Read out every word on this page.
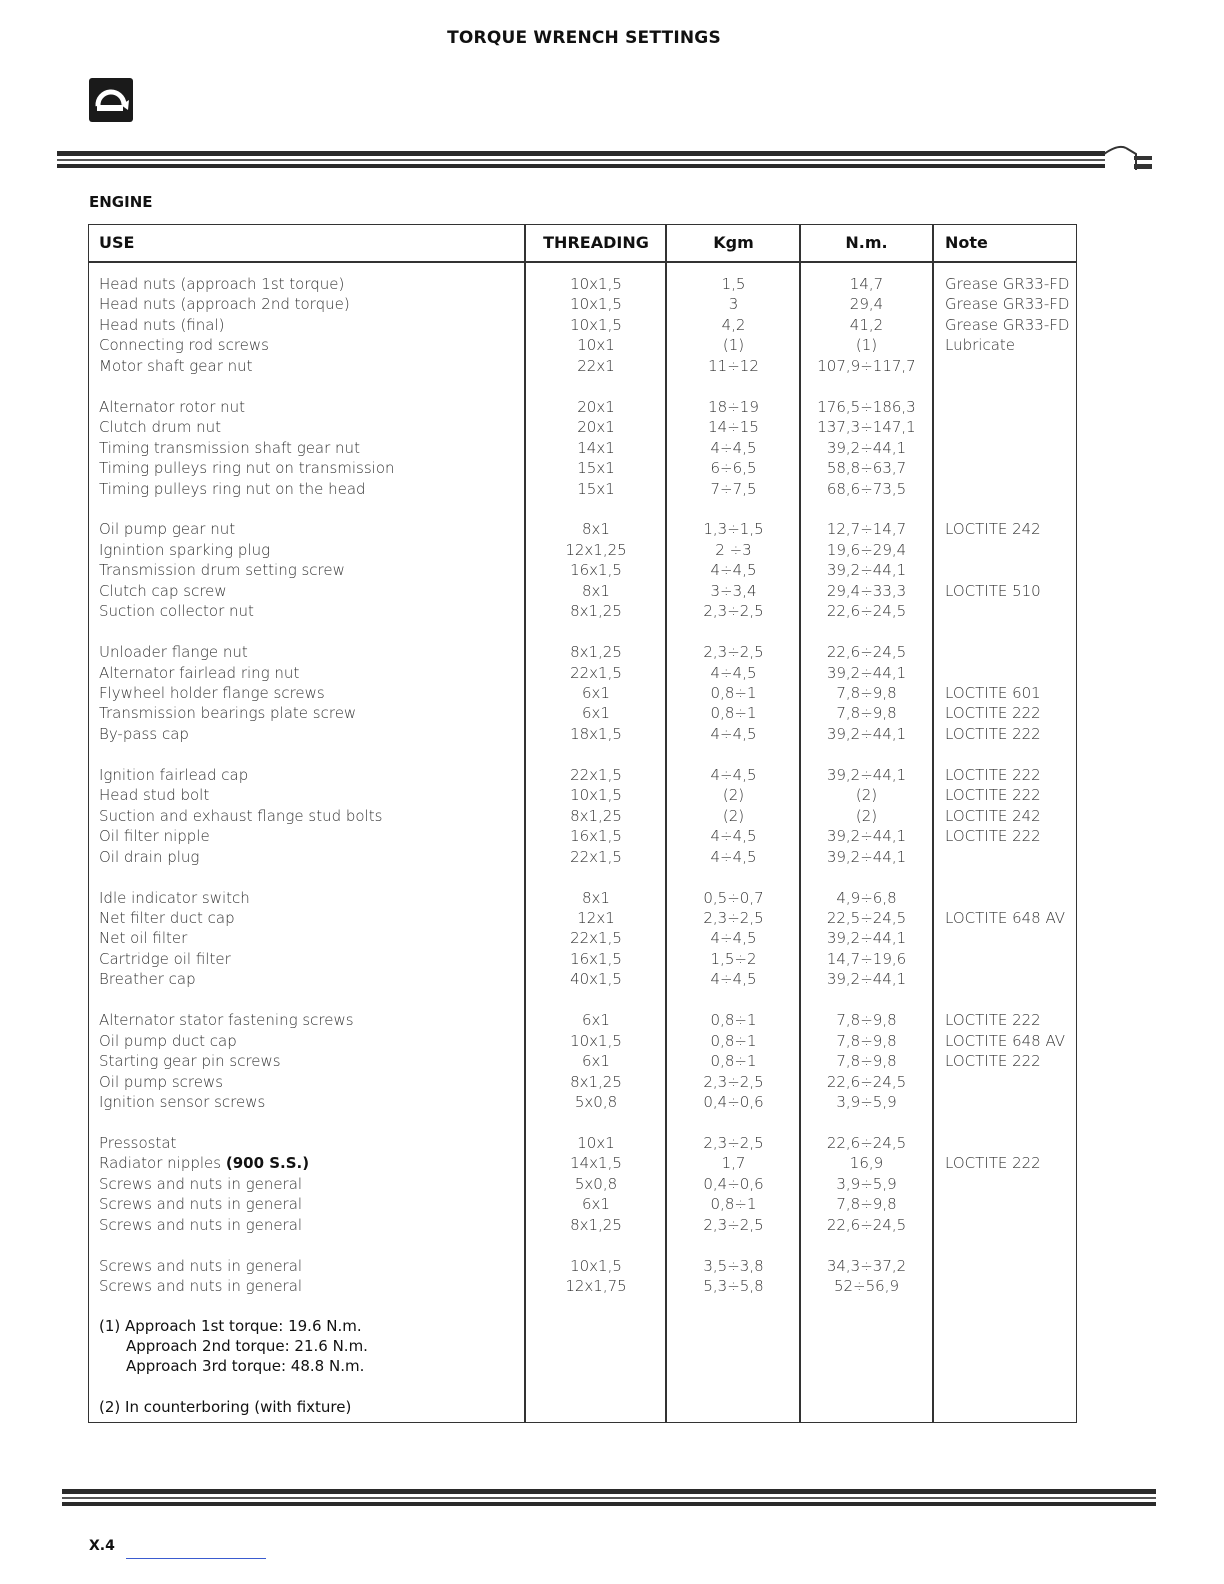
TORQUE WRENCH SETTINGS
ENGINE
USE	THREADING	Kgm	N.m.	Note
Head nuts (approach 1st torque)	10x1,5	1,5	14,7	Grease GR33-FD
Head nuts (approach 2nd torque)	10x1,5	3	29,4	Grease GR33-FD
Head nuts (final)	10x1,5	4,2	41,2	Grease GR33-FD
Connecting rod screws	10x1	(1)	(1)	Lubricate
Motor shaft gear nut	22x1	11÷12	107,9÷117,7
Alternator rotor nut	20x1	18÷19	176,5÷186,3
Clutch drum nut	20x1	14÷15	137,3÷147,1
Timing transmission shaft gear nut	14x1	4÷4,5	39,2÷44,1
Timing pulleys ring nut on transmission	15x1	6÷6,5	58,8÷63,7
Timing pulleys ring nut on the head	15x1	7÷7,5	68,6÷73,5
Oil pump gear nut	8x1	1,3÷1,5	12,7÷14,7	LOCTITE 242
Ignintion sparking plug	12x1,25	2 ÷3	19,6÷29,4
Transmission drum setting screw	16x1,5	4÷4,5	39,2÷44,1
Clutch cap screw	8x1	3÷3,4	29,4÷33,3	LOCTITE 510
Suction collector nut	8x1,25	2,3÷2,5	22,6÷24,5
Unloader flange nut	8x1,25	2,3÷2,5	22,6÷24,5
Alternator fairlead ring nut	22x1,5	4÷4,5	39,2÷44,1
Flywheel holder flange screws	6x1	0,8÷1	7,8÷9,8	LOCTITE 601
Transmission bearings plate screw	6x1	0,8÷1	7,8÷9,8	LOCTITE 222
By-pass cap	18x1,5	4÷4,5	39,2÷44,1	LOCTITE 222
Ignition fairlead cap	22x1,5	4÷4,5	39,2÷44,1	LOCTITE 222
Head stud bolt	10x1,5	(2)	(2)	LOCTITE 222
Suction and exhaust flange stud bolts	8x1,25	(2)	(2)	LOCTITE 242
Oil filter nipple	16x1,5	4÷4,5	39,2÷44,1	LOCTITE 222
Oil drain plug	22x1,5	4÷4,5	39,2÷44,1
Idle indicator switch	8x1	0,5÷0,7	4,9÷6,8
Net filter duct cap	12x1	2,3÷2,5	22,5÷24,5	LOCTITE 648 AV
Net oil filter	22x1,5	4÷4,5	39,2÷44,1
Cartridge oil filter	16x1,5	1,5÷2	14,7÷19,6
Breather cap	40x1,5	4÷4,5	39,2÷44,1
Alternator stator fastening screws	6x1	0,8÷1	7,8÷9,8	LOCTITE 222
Oil pump duct cap	10x1,5	0,8÷1	7,8÷9,8	LOCTITE 648 AV
Starting gear pin screws	6x1	0,8÷1	7,8÷9,8	LOCTITE 222
Oil pump screws	8x1,25	2,3÷2,5	22,6÷24,5
Ignition sensor screws	5x0,8	0,4÷0,6	3,9÷5,9
Pressostat	10x1	2,3÷2,5	22,6÷24,5
Radiator nipples (900 S.S.)	14x1,5	1,7	16,9	LOCTITE 222
Screws and nuts in general	5x0,8	0,4÷0,6	3,9÷5,9
Screws and nuts in general	6x1	0,8÷1	7,8÷9,8
Screws and nuts in general	8x1,25	2,3÷2,5	22,6÷24,5
Screws and nuts in general	10x1,5	3,5÷3,8	34,3÷37,2
Screws and nuts in general	12x1,75	5,3÷5,8	52÷56,9
(1) Approach 1st torque: 19.6 N.m.
Approach 2nd torque: 21.6 N.m.
Approach 3rd torque: 48.8 N.m.
(2) In counterboring (with fixture)
X.4
